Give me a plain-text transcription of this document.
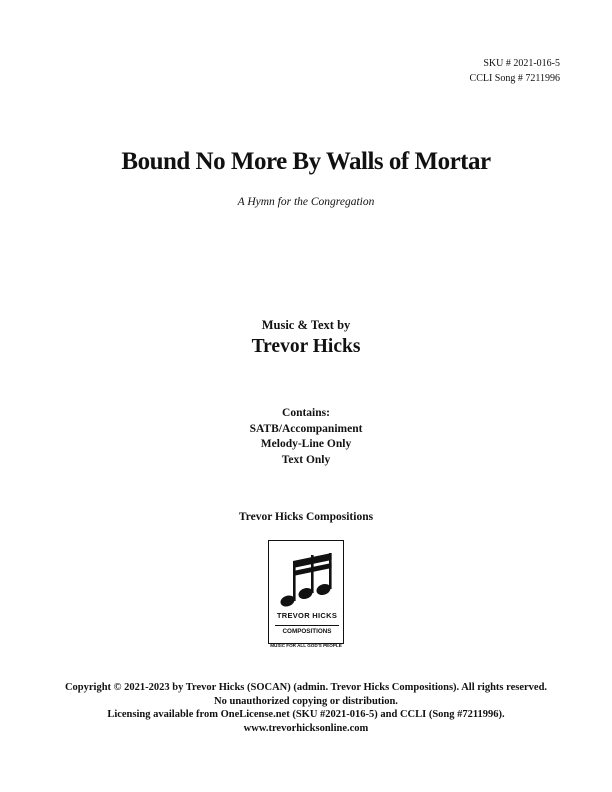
SKU # 2021-016-5
CCLI Song # 7211996
Bound No More By Walls of Mortar
A Hymn for the Congregation
Music & Text by
Trevor Hicks
Contains:
SATB/Accompaniment
Melody-Line Only
Text Only
Trevor Hicks Compositions
TREVOR HICKS
COMPOSITIONS
MUSIC FOR ALL GOD'S PEOPLE
Copyright © 2021-2023 by Trevor Hicks (SOCAN) (admin. Trevor Hicks Compositions). All rights reserved.
No unauthorized copying or distribution.
Licensing available from OneLicense.net (SKU #2021-016-5) and CCLI (Song #7211996).
www.trevorhicksonline.com
